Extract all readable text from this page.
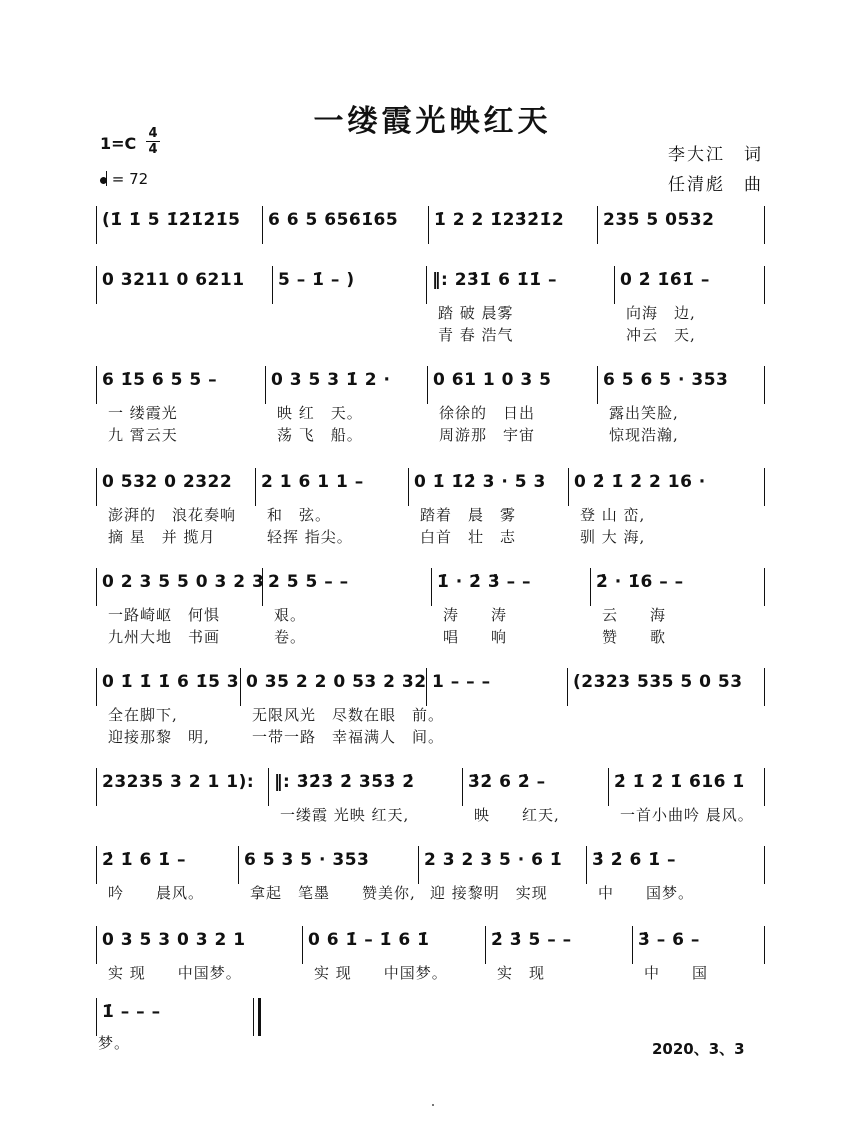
一缕霞光映红天
1=C
4
4
= 72
李大江　词
任清彪　曲
(1̇ 1̇ 5 1̇2̇1̇2̇1̇5 6 6 5 6561̇65 1̇ 2 2 1̇23̇2̇1̇2 235 5 0532
0 3211 0 6211 5 – 1̇ – )	‖: 23̇1̇ 6 1̇1̇ –
踏 破 晨雾
青 春 浩气
0 2̇ 1̇6̇1̇ –
向海　边,
冲云　天,
6 1̇5 6 5 5 –
一 缕霞光
九 霄云天
0 3 5 3 1̇ 2 ·
映 红　天。
荡 飞　船。
0 61 1 0 3 5
徐徐的　日出
周游那　宇宙
6 5 6 5 · 353
露出笑脸,
惊现浩瀚,
0 532 0 2322
澎湃的　浪花奏响
摘 星　并 揽月
2 1 6 1 1 –
和　弦。
轻挥 指尖。
0 1̇ 1̇2̇ 3 · 5 3
踏着　晨　雾
白首　壮　志
0 2̇ 1̇ 2̇ 2 16 ·
登 山 峦,
驯 大 海,
0 2 3 5 5 0 3 2 3
一路崎岖　何惧
九州大地　书画
2 5 5 – –
艰。
卷。
1̇ · 2̇ 3̇ – –
涛　　涛
唱　　响
2̇ · 1̇6 – –
云　　海
赞　　歌
0 1̇ 1̇ 1̇ 6 1̇5 3
全在脚下,
迎接那黎　明,
0 35 2 2 0 53 2 32
无限风光　尽数在眼　前。
一带一路　幸福满人　间。
1 – – –	(2323 535 5 0 53
23235 3 2 1 1): ‖: 3̇2̇3̇ 2̇ 35̇3̇ 2̇
一缕霞 光映 红天,
3̇2̇ 6 2̇ –
映　　红天,
2̇ 1̇ 2̇ 1̇ 6̇16̇ 1̇
一首小曲吟 晨风。
2̇ 1̇ 6 1̇ –
吟　　晨风。
6 5 3 5 · 353
拿起　笔墨　　赞美你,
2 3 2 3 5 · 6 1̇
迎 接黎明　实现
3̇ 2̇ 6 1̇ –
中　　国梦。
0 3 5 3 0 3 2 1
实 现　　中国梦。
0 6 1̇ – 1̇ 6 1̇
实 现　　中国梦。
2̇ 3̇ 5 – –
实　现
3̇ – 6 –
中　　国
1̇ – – –
梦。	2020、3、3
